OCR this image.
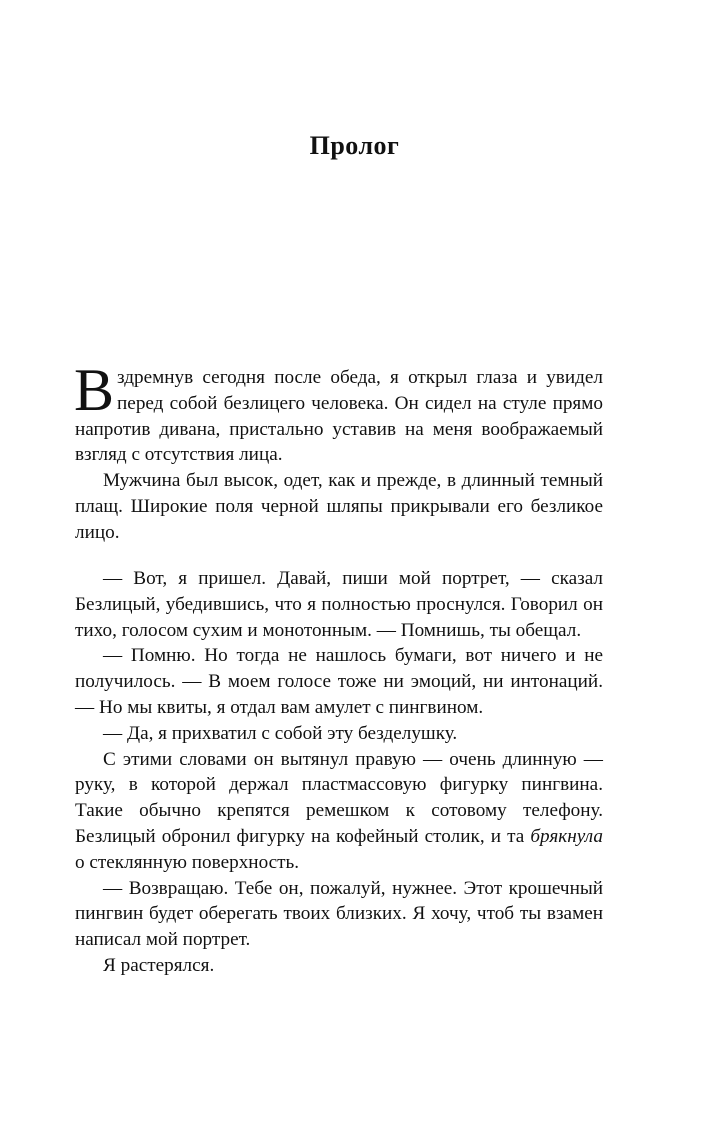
Пролог

Вздремнув сегодня после обеда, я открыл глаза и увидел перед собой безлицего человека. Он сидел на стуле прямо напротив дивана, пристально уставив на меня воображаемый взгляд с отсутствия лица.

Мужчина был высок, одет, как и прежде, в длинный темный плащ. Широкие поля черной шляпы прикрывали его безликое лицо.

— Вот, я пришел. Давай, пиши мой портрет, — сказал Безлицый, убедившись, что я полностью проснулся. Говорил он тихо, голосом сухим и монотонным. — Помнишь, ты обещал.

— Помню. Но тогда не нашлось бумаги, вот ничего и не получилось. — В моем голосе тоже ни эмоций, ни интонаций. — Но мы квиты, я отдал вам амулет с пингвином.

— Да, я прихватил с собой эту безделушку.

С этими словами он вытянул правую — очень длинную — руку, в которой держал пластмассовую фигурку пингвина. Такие обычно крепятся ремешком к сотовому телефону. Безлицый обронил фигурку на кофейный столик, и та брякнула о стеклянную поверхность.

— Возвращаю. Тебе он, пожалуй, нужнее. Этот крошечный пингвин будет оберегать твоих близких. Я хочу, чтоб ты взамен написал мой портрет.

Я растерялся.
